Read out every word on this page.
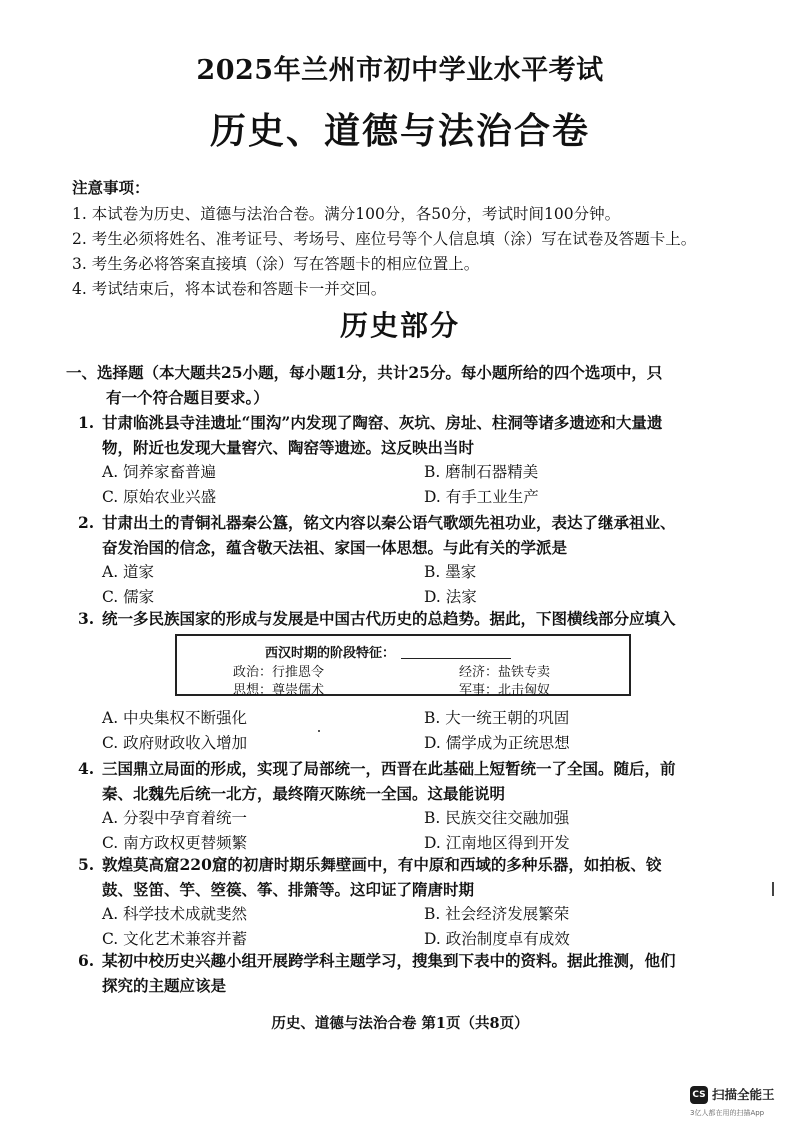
2025年兰州市初中学业水平考试
历史、道德与法治合卷
注意事项：
1. 本试卷为历史、道德与法治合卷。满分100分，各50分，考试时间100分钟。
2. 考生必须将姓名、准考证号、考场号、座位号等个人信息填（涂）写在试卷及答题卡上。
3. 考生务必将答案直接填（涂）写在答题卡的相应位置上。
4. 考试结束后，将本试卷和答题卡一并交回。
历史部分
一、选择题（本大题共25小题，每小题1分，共计25分。每小题所给的四个选项中，只
有一个符合题目要求。）
1. 甘肃临洮县寺洼遗址“围沟”内发现了陶窑、灰坑、房址、柱洞等诸多遗迹和大量遗
物，附近也发现大量窖穴、陶窑等遗迹。这反映出当时
A. 饲养家畜普遍	B. 磨制石器精美
C. 原始农业兴盛	D. 有手工业生产
2. 甘肃出土的青铜礼器秦公簋，铭文内容以秦公语气歌颂先祖功业，表达了继承祖业、
奋发治国的信念，蕴含敬天法祖、家国一体思想。与此有关的学派是
A. 道家	B. 墨家
C. 儒家	D. 法家
3. 统一多民族国家的形成与发展是中国古代历史的总趋势。据此，下图横线部分应填入
西汉时期的阶段特征：
政治：行推恩令	经济：盐铁专卖
思想：尊崇儒术	军事：北击匈奴
A. 中央集权不断强化	B. 大一统王朝的巩固
C. 政府财政收入增加	D. 儒学成为正统思想
4. 三国鼎立局面的形成，实现了局部统一，西晋在此基础上短暂统一了全国。随后，前
秦、北魏先后统一北方，最终隋灭陈统一全国。这最能说明
A. 分裂中孕育着统一	B. 民族交往交融加强
C. 南方政权更替频繁	D. 江南地区得到开发
5. 敦煌莫高窟220窟的初唐时期乐舞壁画中，有中原和西域的多种乐器，如拍板、铰
鼓、竖笛、竽、箜篌、筝、排箫等。这印证了隋唐时期
A. 科学技术成就斐然	B. 社会经济发展繁荣
C. 文化艺术兼容并蓄	D. 政治制度卓有成效
6. 某初中校历史兴趣小组开展跨学科主题学习，搜集到下表中的资料。据此推测，他们
探究的主题应该是
历史、道德与法治合卷 第1页（共8页）
CS 扫描全能王
3亿人都在用的扫描App
